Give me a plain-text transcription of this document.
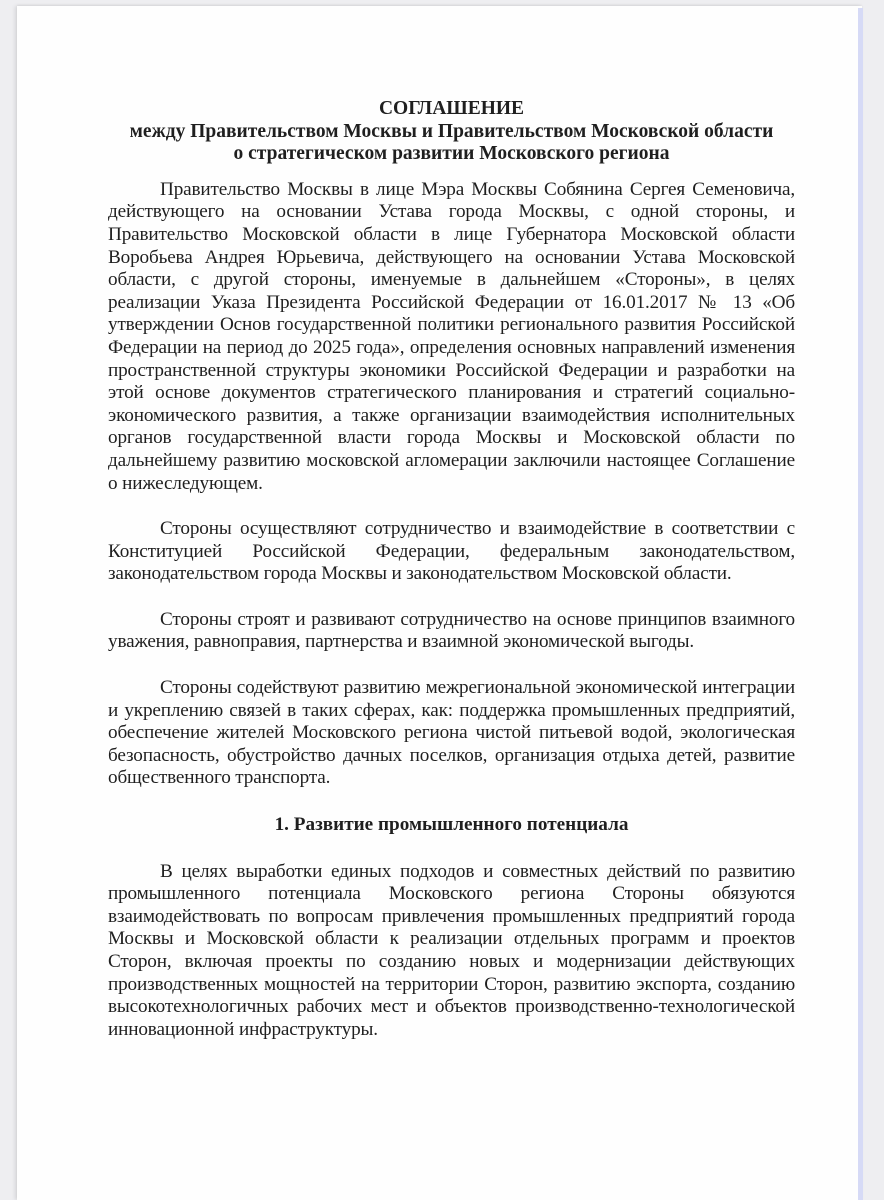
СОГЛАШЕНИЕ
между Правительством Москвы и Правительством Московской области
о стратегическом развитии Московского региона

Правительство Москвы в лице Мэра Москвы Собянина Сергея Семеновича, действующего на основании Устава города Москвы, с одной стороны, и Правительство Московской области в лице Губернатора Московской области Воробьева Андрея Юрьевича, действующего на основании Устава Московской области, с другой стороны, именуемые в дальнейшем «Стороны», в целях реализации Указа Президента Российской Федерации от 16.01.2017 № 13 «Об утверждении Основ государственной политики регионального развития Российской Федерации на период до 2025 года», определения основных направлений изменения пространственной структуры экономики Российской Федерации и разработки на этой основе документов стратегического планирования и стратегий социально-экономического развития, а также организации взаимодействия исполнительных органов государственной власти города Москвы и Московской области по дальнейшему развитию московской агломерации заключили настоящее Соглашение о нижеследующем.

Стороны осуществляют сотрудничество и взаимодействие в соответствии с Конституцией Российской Федерации, федеральным законодательством, законодательством города Москвы и законодательством Московской области.

Стороны строят и развивают сотрудничество на основе принципов взаимного уважения, равноправия, партнерства и взаимной экономической выгоды.

Стороны содействуют развитию межрегиональной экономической интеграции и укреплению связей в таких сферах, как: поддержка промышленных предприятий, обеспечение жителей Московского региона чистой питьевой водой, экологическая безопасность, обустройство дачных поселков, организация отдыха детей, развитие общественного транспорта.

1. Развитие промышленного потенциала

В целях выработки единых подходов и совместных действий по развитию промышленного потенциала Московского региона Стороны обязуются взаимодействовать по вопросам привлечения промышленных предприятий города Москвы и Московской области к реализации отдельных программ и проектов Сторон, включая проекты по созданию новых и модернизации действующих производственных мощностей на территории Сторон, развитию экспорта, созданию высокотехнологичных рабочих мест и объектов производственно-технологической инновационной инфраструктуры.
